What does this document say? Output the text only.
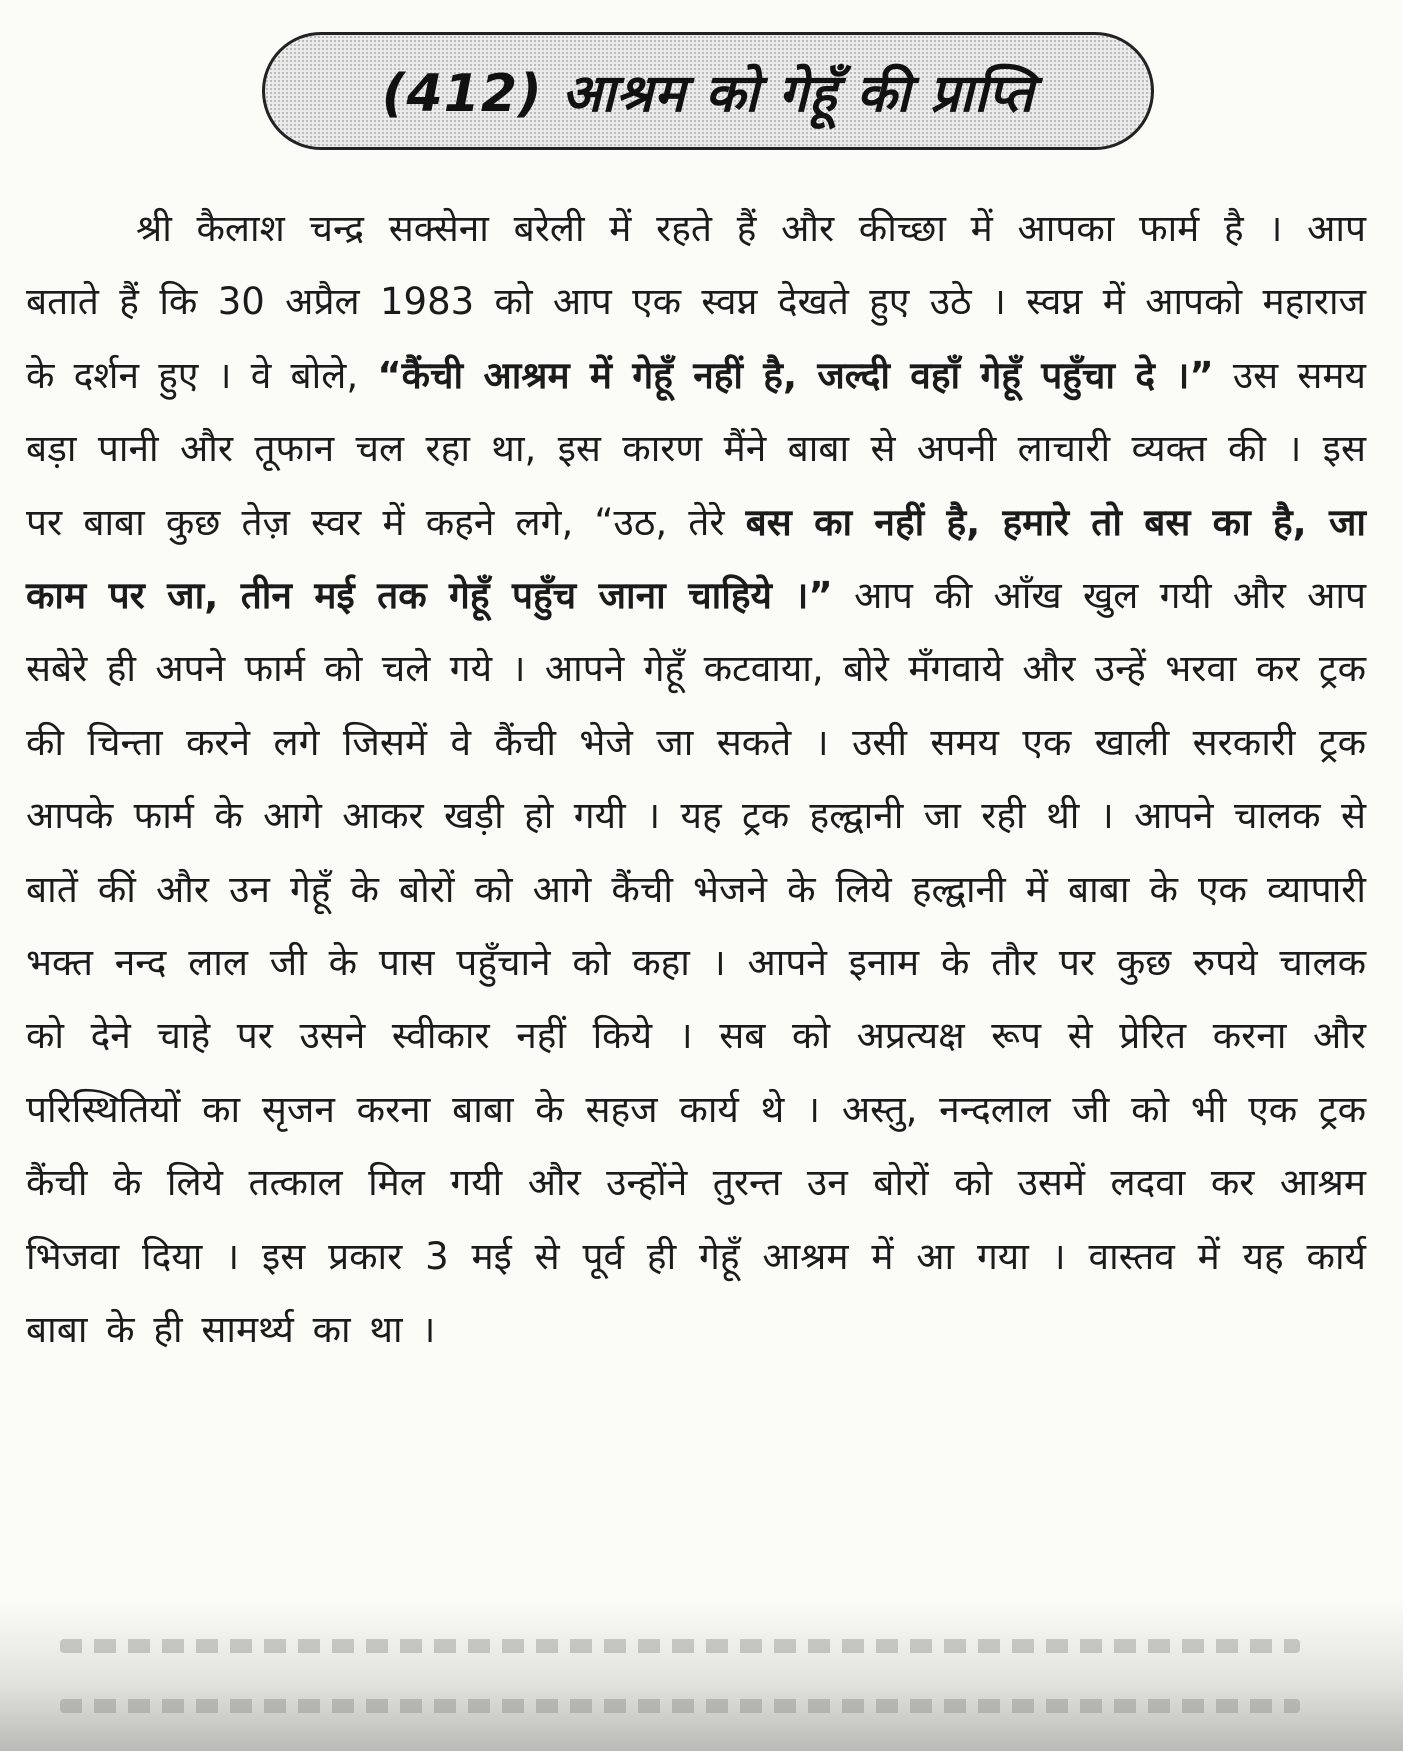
(412) आश्रम को गेहूँ की प्राप्ति

श्री कैलाश चन्द्र सक्सेना बरेली में रहते हैं और कीच्छा में आपका फार्म है । आप बताते हैं कि 30 अप्रैल 1983 को आप एक स्वप्न देखते हुए उठे । स्वप्न में आपको महाराज के दर्शन हुए । वे बोले, “कैंची आश्रम में गेहूँ नहीं है, जल्दी वहाँ गेहूँ पहुँचा दे ।” उस समय बड़ा पानी और तूफान चल रहा था, इस कारण मैंने बाबा से अपनी लाचारी व्यक्त की । इस पर बाबा कुछ तेज़ स्वर में कहने लगे, “उठ, तेरे बस का नहीं है, हमारे तो बस का है, जा काम पर जा, तीन मई तक गेहूँ पहुँच जाना चाहिये ।” आप की आँख खुल गयी और आप सबेरे ही अपने फार्म को चले गये । आपने गेहूँ कटवाया, बोरे मँगवाये और उन्हें भरवा कर ट्रक की चिन्ता करने लगे जिसमें वे कैंची भेजे जा सकते । उसी समय एक खाली सरकारी ट्रक आपके फार्म के आगे आकर खड़ी हो गयी । यह ट्रक हल्द्वानी जा रही थी । आपने चालक से बातें कीं और उन गेहूँ के बोरों को आगे कैंची भेजने के लिये हल्द्वानी में बाबा के एक व्यापारी भक्त नन्द लाल जी के पास पहुँचाने को कहा । आपने इनाम के तौर पर कुछ रुपये चालक को देने चाहे पर उसने स्वीकार नहीं किये । सब को अप्रत्यक्ष रूप से प्रेरित करना और परिस्थितियों का सृजन करना बाबा के सहज कार्य थे । अस्तु, नन्दलाल जी को भी एक ट्रक कैंची के लिये तत्काल मिल गयी और उन्होंने तुरन्त उन बोरों को उसमें लदवा कर आश्रम भिजवा दिया । इस प्रकार 3 मई से पूर्व ही गेहूँ आश्रम में आ गया । वास्तव में यह कार्य बाबा के ही सामर्थ्य का था ।
